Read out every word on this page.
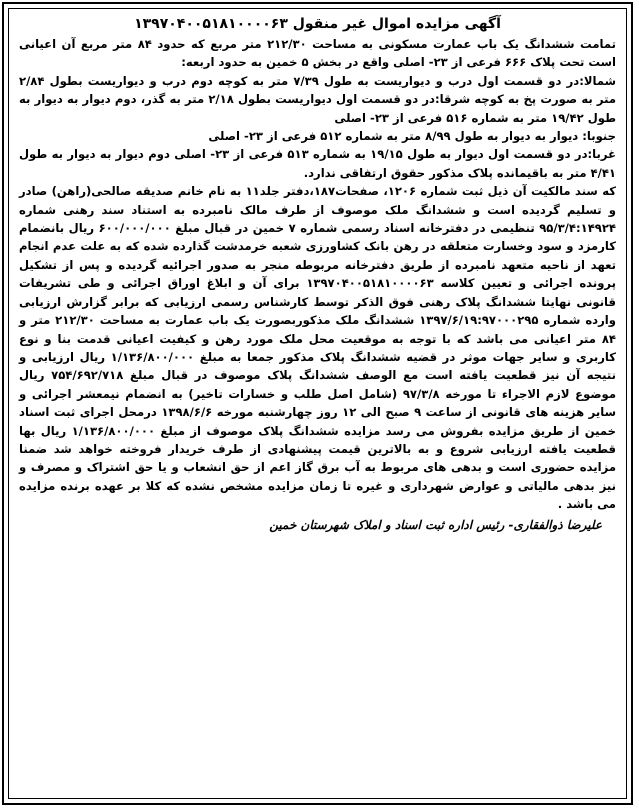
آگهی مزایده اموال غیر منقول ۱۳۹۷۰۴۰۰۵۱۸۱۰۰۰۰۶۳

تمامت ششدانگ یک باب عمارت مسکونی به مساحت ۲۱۲/۳۰ متر مربع که حدود ۸۴ متر مربع آن اعیانی است تحت پلاک ۶۶۶ فرعی از ۲۳- اصلی واقع در بخش ۵ خمین به حدود اربعه:

شمالا:در دو قسمت اول درب و دیواریست به طول ۷/۳۹ متر به کوچه دوم درب و دیواریست بطول ۲/۸۴ متر به صورت پخ به کوچه شرقا:در دو قسمت اول دیواریست بطول ۲/۱۸ متر به گذر، دوم دیوار به دیوار به طول ۱۹/۴۲ متر به شماره ۵۱۶ فرعی از ۲۳- اصلی

جنوبا: دیوار به دیوار به طول ۸/۹۹ متر به شماره ۵۱۲ فرعی از ۲۳- اصلی

غربا:در دو قسمت اول دیوار به طول ۱۹/۱۵ به شماره ۵۱۳ فرعی از ۲۳- اصلی دوم دیوار به دیوار به طول ۴/۴۱ متر به باقیمانده پلاک مذکور حقوق ارتفاقی ندارد.

که سند مالکیت آن ذیل ثبت شماره ۱۲۰۶، صفحات۱۸۷،دفتر جلد۱۱ به نام خانم صدیقه صالحی(راهن) صادر و تسلیم گردیده است و ششدانگ ملک موصوف از طرف مالک نامبرده به استناد سند رهنی شماره ۹۵/۳/۴:۱۴۹۲۴ تنظیمی در دفترخانه اسناد رسمی شماره ۷ خمین در قبال مبلغ ۶۰۰/۰۰۰/۰۰۰ ریال بانضمام کارمزد و سود وخسارت متعلقه در رهن بانک کشاورزی شعبه خرمدشت گذارده شده که به علت عدم انجام تعهد از ناحیه متعهد نامبرده از طریق دفترخانه مربوطه منجر به صدور اجرائیه گردیده و پس از تشکیل پرونده اجرائی و تعیین کلاسه ۱۳۹۷۰۴۰۰۵۱۸۱۰۰۰۰۶۳ برای آن و ابلاغ اوراق اجرائی و طی تشریفات قانونی نهایتا ششدانگ پلاک رهنی فوق الذکر توسط کارشناس رسمی ارزیابی که برابر گزارش ارزیابی وارده شماره ۱۳۹۷/۶/۱۹:۹۷۰۰۰۲۹۵ ششدانگ ملک مذکوربصورت یک باب عمارت به مساحت ۲۱۲/۳۰ متر و ۸۴ متر اعیانی می باشد که با توجه به موقعیت محل ملک مورد رهن و کیفیت اعیانی قدمت بنا و نوع کاربری و سایر جهات موثر در قضیه ششدانگ پلاک مذکور جمعا به مبلغ ۱/۱۳۶/۸۰۰/۰۰۰ ریال ارزیابی و نتیجه آن نیز قطعیت یافته است مع الوصف ششدانگ پلاک موصوف در قبال مبلغ ۷۵۴/۶۹۲/۷۱۸ ریال موضوع لازم الاجراء تا مورخه ۹۷/۳/۸ (شامل اصل طلب و خسارات تاخیر) به انضمام نیمعشر اجرائی و سایر هزینه های قانونی از ساعت ۹ صبح الی ۱۲ روز چهارشنبه مورخه ۱۳۹۸/۶/۶ درمحل اجرای ثبت اسناد خمین از طریق مزایده بفروش می رسد مزایده ششدانگ پلاک موصوف از مبلغ ۱/۱۳۶/۸۰۰/۰۰۰ ریال بها قطعیت یافته ارزیابی شروع و به بالاترین قیمت پیشنهادی از طرف خریدار فروخته خواهد شد ضمنا مزایده حضوری است و بدهی های مربوط به آب برق گاز اعم از حق انشعاب و یا حق اشتراک و مصرف و نیز بدهی مالیاتی و عوارض شهرداری و غیره تا زمان مزایده مشخص نشده که کلا بر عهده برنده مزایده می باشد .

علیرضا ذوالفقاری- رئیس اداره ثبت اسناد و املاک شهرستان خمین
